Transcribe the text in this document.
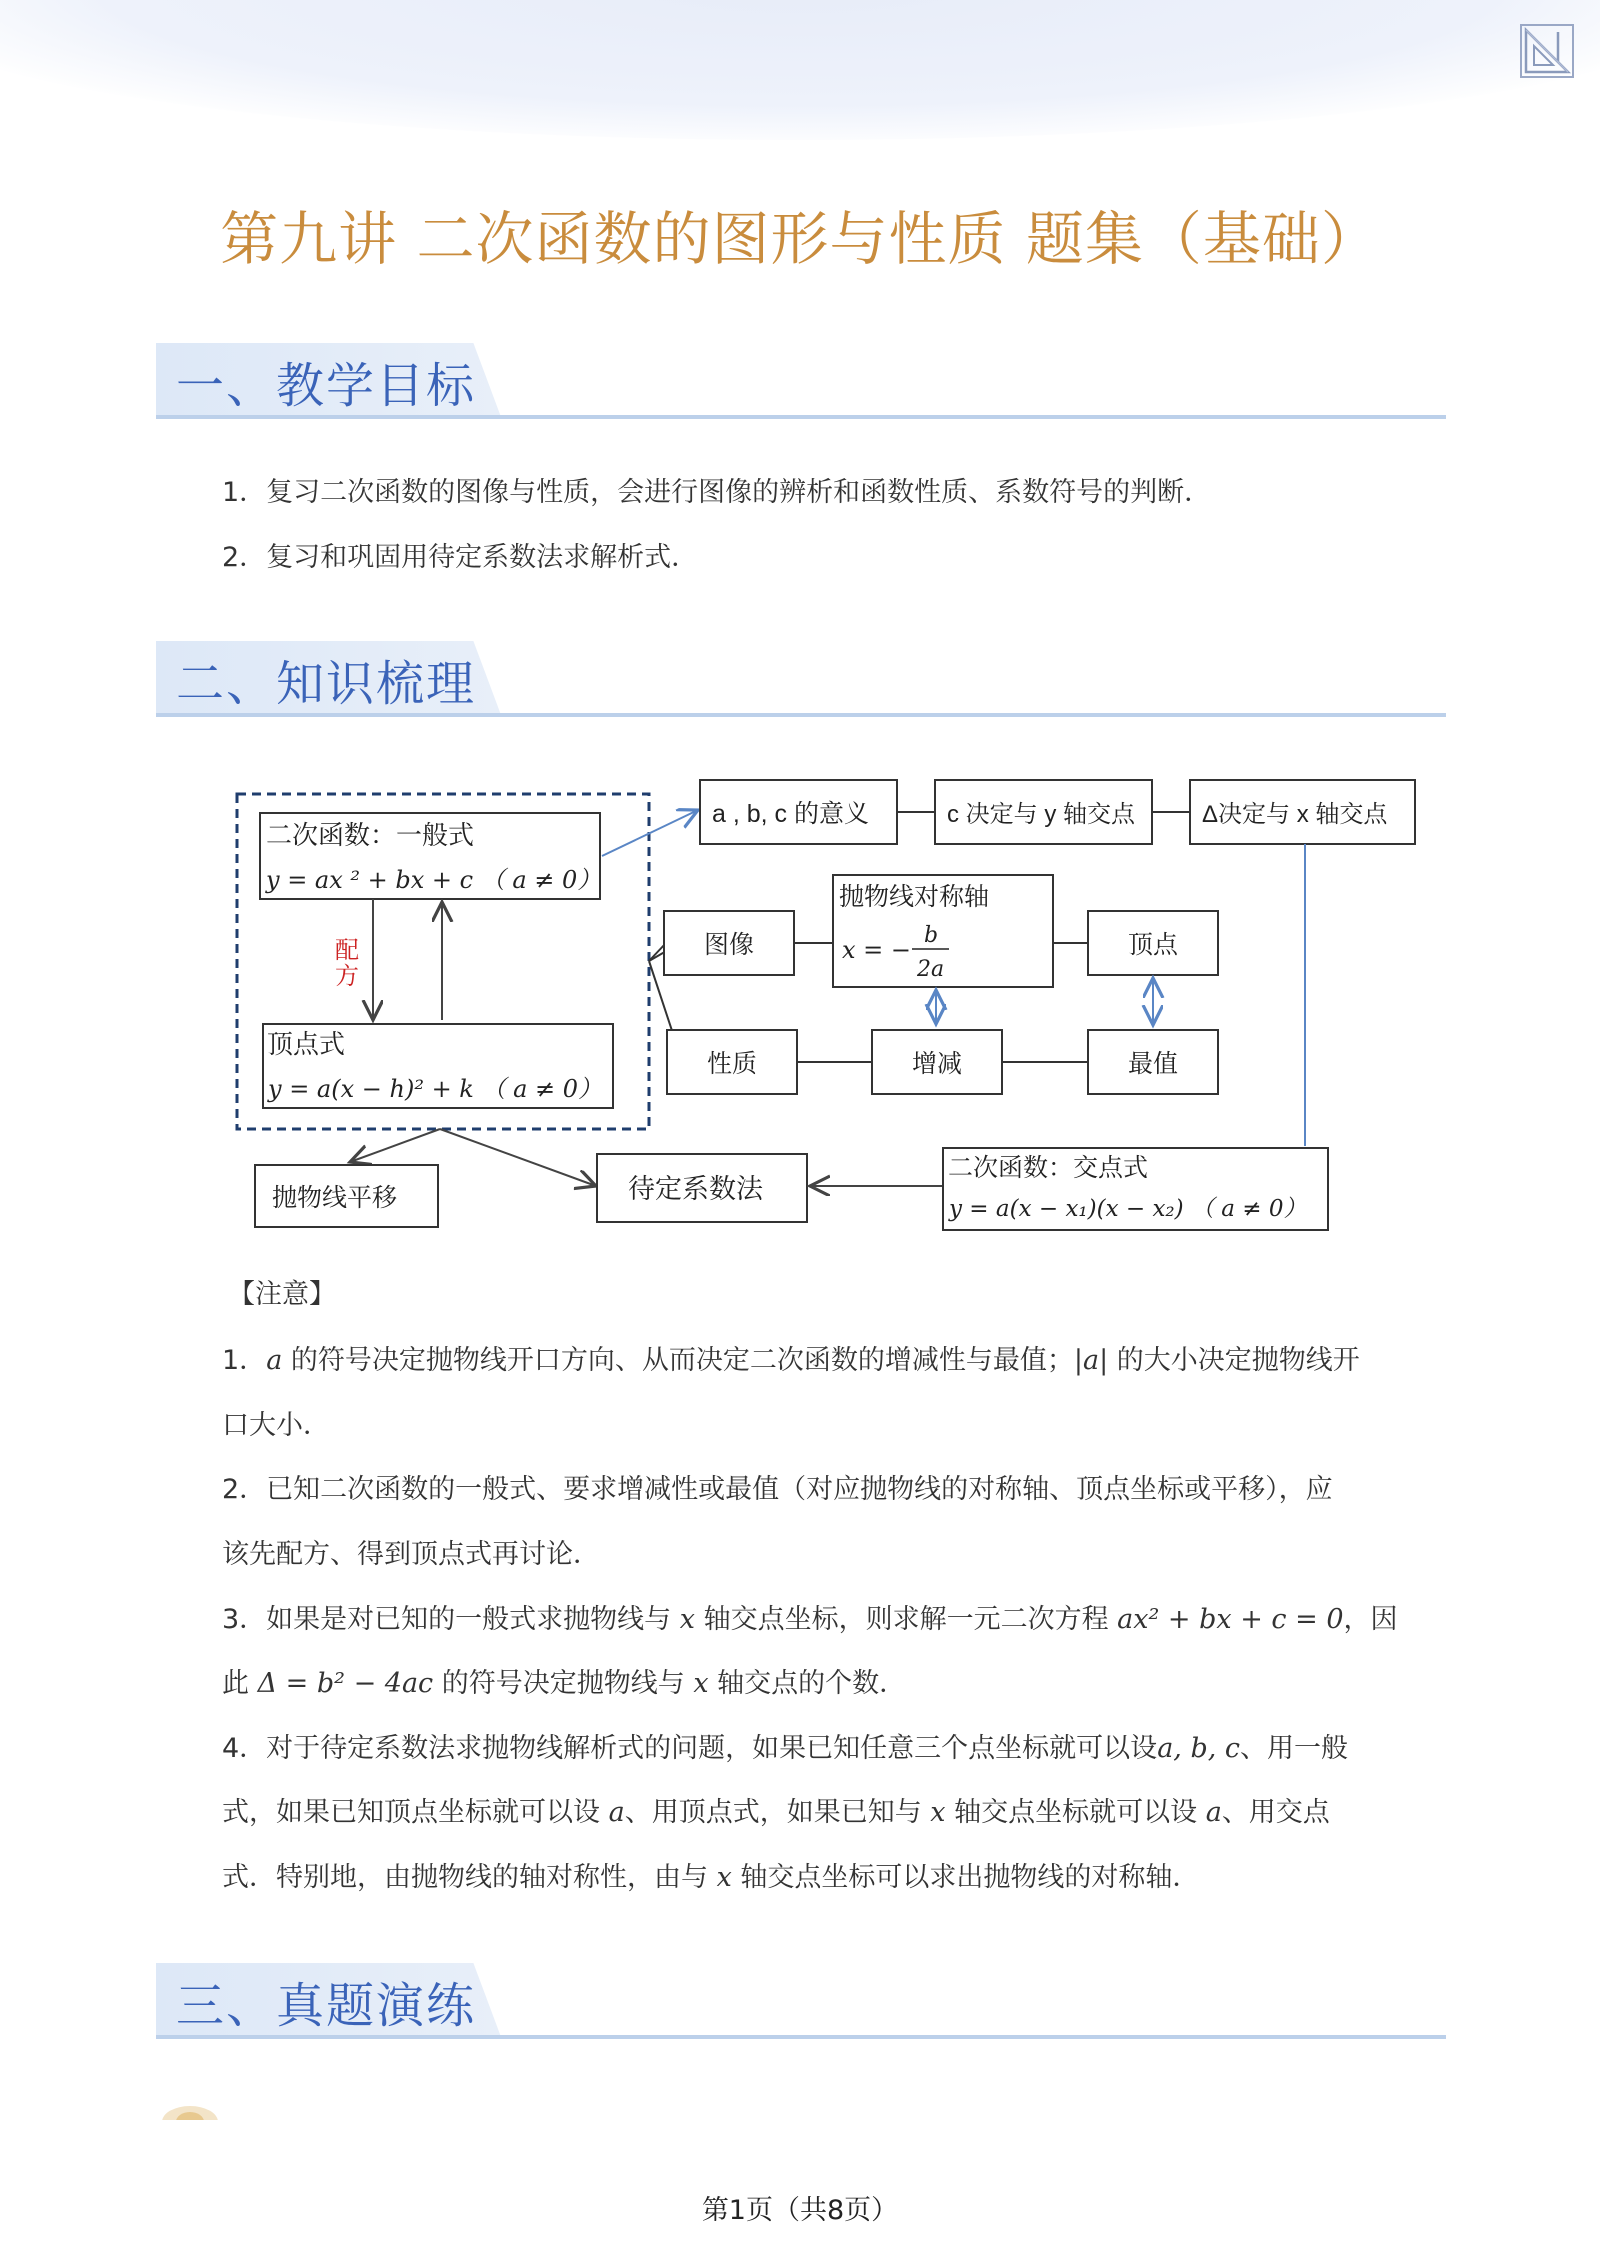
第九讲 二次函数的图形与性质 题集（基础）
一、教学目标
1．复习二次函数的图像与性质，会进行图像的辨析和函数性质、系数符号的判断．
2．复习和巩固用待定系数法求解析式．
二、知识梳理
二次函数：一般式
y = ax ² + bx + c （ a ≠ 0）
配 方
顶点式
y = a(x − h)² + k （ a ≠ 0）
a , b, c 的意义	c 决定与 y 轴交点	Δ决定与 x 轴交点
抛物线对称轴
x = −
b
2a
图像	顶点
性质	增减	最值
抛物线平移	待定系数法
二次函数：交点式
y = a(x − x₁)(x − x₂) （ a ≠ 0）
【注意】
1．a 的符号决定抛物线开口方向、从而决定二次函数的增减性与最值；|a| 的大小决定抛物线开
口大小．
2．已知二次函数的一般式、要求增减性或最值（对应抛物线的对称轴、顶点坐标或平移），应
该先配方、得到顶点式再讨论．
3．如果是对已知的一般式求抛物线与 x 轴交点坐标，则求解一元二次方程 ax² + bx + c = 0，因
此 Δ = b² − 4ac 的符号决定抛物线与 x 轴交点的个数．
4．对于待定系数法求抛物线解析式的问题，如果已知任意三个点坐标就可以设a, b, c、用一般
式，如果已知顶点坐标就可以设 a、用顶点式，如果已知与 x 轴交点坐标就可以设 a、用交点
式．特别地，由抛物线的轴对称性，由与 x 轴交点坐标可以求出抛物线的对称轴．
三、真题演练
第1页（共8页）
